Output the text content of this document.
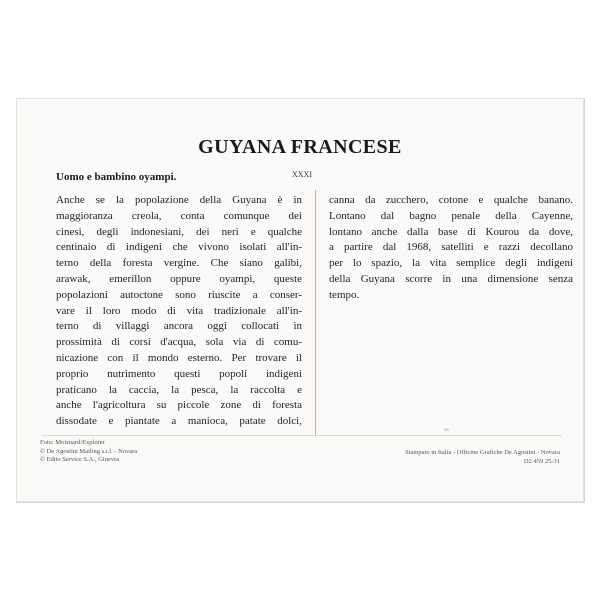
GUYANA FRANCESE
Uomo e bambino oyampi.	XXXI
Anche se la popolazione della Guyana è in
maggioranza creola, conta comunque dei
cinesi, degli indonesiani, dei neri e qualche
centinaio di indigeni che vivono isolati all'in-
terno della foresta vergine. Che siano galibi,
arawak, emerillon oppure oyampi, queste
popolazioni autoctone sono riuscite a conser-
vare il loro modo di vita tradizionale all'in-
terno di villaggi ancora oggi collocati in
prossimità di corsi d'acqua, sola via di comu-
nicazione con il mondo esterno. Per trovare il
proprio nutrimento questi popoli indigeni
praticano la caccia, la pesca, la raccolta e
anche l'agricoltura su piccole zone di foresta
dissodate e piantate a manioca, patate dolci,
canna da zucchero, cotone e qualche banano.
Lontano dal bagno penale della Cayenne,
lontano anche dalla base di Kourou da dove,
a partire dal 1968, satelliti e razzi decollano
per lo spazio, la vita semplice degli indigeni
della Guyana scorre in una dimensione senza
tempo.
Foto: Moisnard/Explorer
© De Agostini Mailing s.r.l. - Novara
© Edito Service S.A., Ginevra
Stampato in Italia - Officine Grafiche De Agostini - Novara
D2 459 25-31
